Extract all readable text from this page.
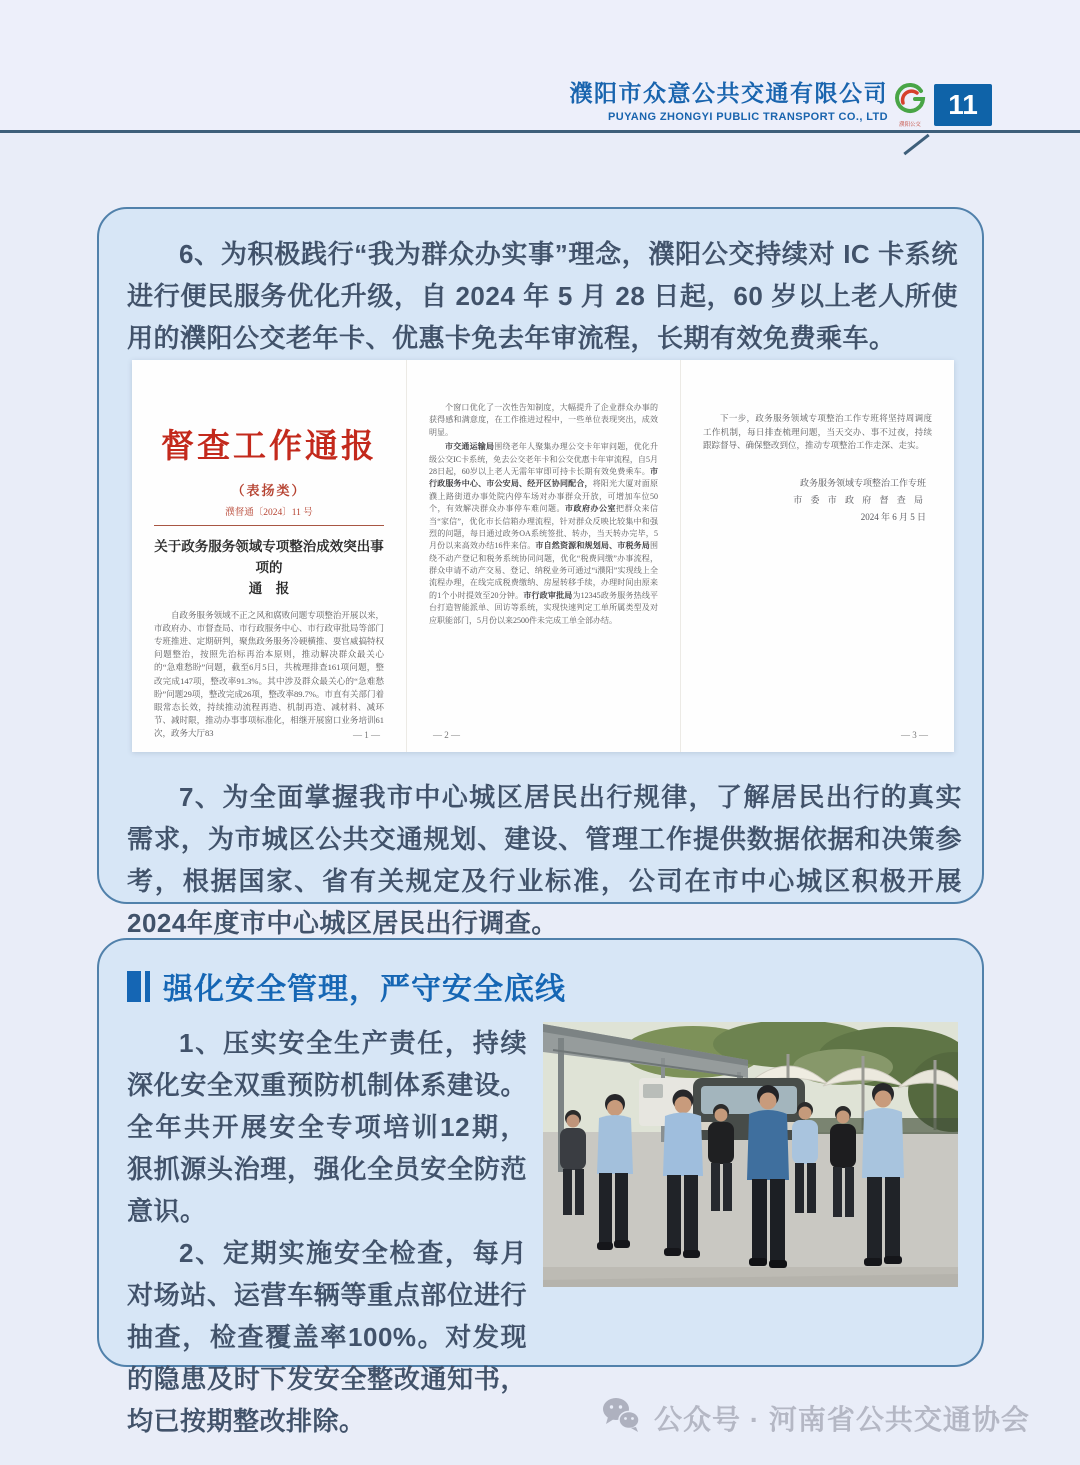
濮阳市众意公共交通有限公司
PUYANG ZHONGYI PUBLIC TRANSPORT CO., LTD
濮阳公交
11
6、为积极践行“我为群众办实事”理念，濮阳公交持续对 IC 卡系统进行便民服务优化升级，自 2024 年 5 月 28 日起，60 岁以上老人所使用的濮阳公交老年卡、优惠卡免去年审流程，长期有效免费乘车。
督查工作通报
（表扬类）
濮督通〔2024〕11 号
关于政务服务领域专项整治成效突出事项的
通　报
自政务服务领域不正之风和腐败问题专项整治开展以来，市政府办、市督查局、市行政服务中心、市行政审批局等部门专班推进、定期研判，聚焦政务服务冷硬横推、耍官威搞特权问题整治，按照先治标再治本原则，推动解决群众最关心的“急难愁盼”问题，截至6月5日，共梳理排查161项问题，整改完成147项，整改率91.3%。其中涉及群众最关心的“急难愁盼”问题29项，整改完成26项，整改率89.7%。市直有关部门着眼常态长效，持续推动流程再造、机制再造、减材料、减环节、减时限，推动办事事项标准化，相继开展窗口业务培训61次，政务大厅83	— 1 —
个窗口优化了一次性告知制度，大幅提升了企业群众办事的获得感和满意度，在工作推进过程中，一些单位表现突出，成效明显。
市交通运输局围绕老年人聚集办理公交卡年审问题，优化升级公交IC卡系统，免去公交老年卡和公交优惠卡年审流程，自5月28日起，60岁以上老人无需年审即可持卡长期有效免费乘车。市行政服务中心、市公安局、经开区协同配合，将阳光大厦对面原濮上路街道办事处院内停车场对办事群众开放，可增加车位50个，有效解决群众办事停车难问题。市政府办公室把群众来信当“家信”，优化市长信箱办理流程，针对群众反映比较集中和强烈的问题，每日通过政务OA系统签批、转办，当天转办完毕，5月份以来高效办结16件来信。市自然资源和规划局、市税务局围绕不动产登记和税务系统协同问题，优化“税费同缴”办事流程，群众申请不动产交易、登记、纳税业务可通过“i濮阳”实现线上全流程办理，在线完成税费缴纳、房屋转移手续，办理时间由原来的1个小时提效至20分钟。市行政审批局为12345政务服务热线平台打造智能派单、回访等系统，实现快速判定工单所属类型及对应职能部门，5月份以来2500件未完成工单全部办结。
— 2 —
下一步，政务服务领域专项整治工作专班将坚持周调度工作机制，每日排查梳理问题，当天交办、事不过夜，持续跟踪督导、确保整改到位，推动专项整治工作走深、走实。
政务服务领域专项整治工作专班
市 委 市 政 府 督 查 局
2024 年 6 月 5 日
— 3 —
7、为全面掌握我市中心城区居民出行规律，了解居民出行的真实需求，为市城区公共交通规划、建设、管理工作提供数据依据和决策参考，根据国家、省有关规定及行业标准，公司在市中心城区积极开展2024年度市中心城区居民出行调查。
强化安全管理，严守安全底线
1、压实安全生产责任，持续深化安全双重预防机制体系建设。全年共开展安全专项培训12期，狠抓源头治理，强化全员安全防范意识。
2、定期实施安全检查，每月对场站、运营车辆等重点部位进行抽查，检查覆盖率100%。对发现的隐患及时下发安全整改通知书，均已按期整改排除。	公众号 · 河南省公共交通协会
